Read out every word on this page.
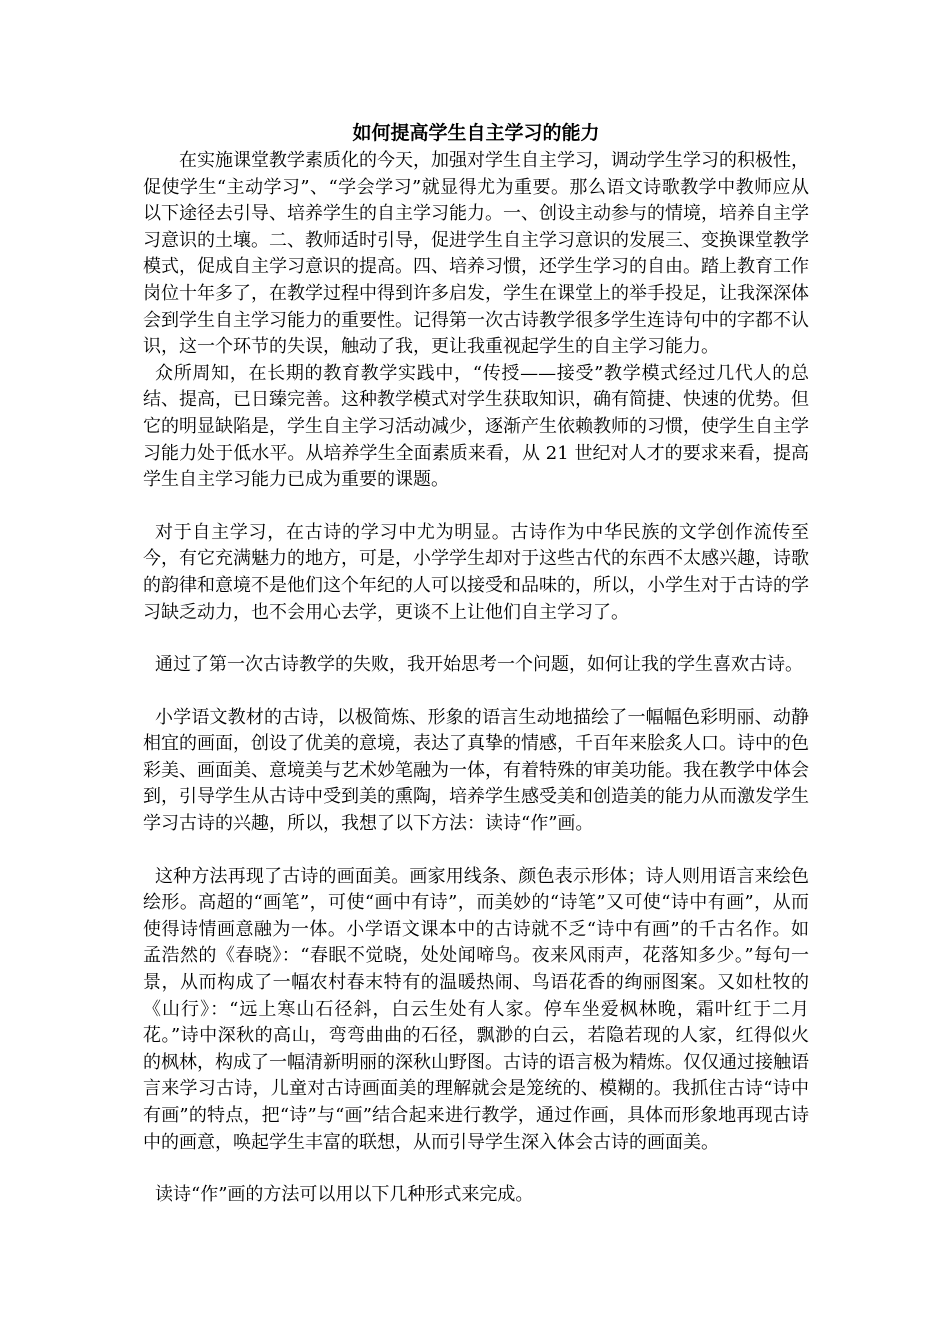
如何提高学生自主学习的能力

在实施课堂教学素质化的今天，加强对学生自主学习，调动学生学习的积极性，促使学生“主动学习”、“学会学习”就显得尤为重要。那么语文诗歌教学中教师应从以下途径去引导、培养学生的自主学习能力。一、创设主动参与的情境，培养自主学习意识的土壤。二、教师适时引导，促进学生自主学习意识的发展三、变换课堂教学模式，促成自主学习意识的提高。四、培养习惯，还学生学习的自由。踏上教育工作岗位十年多了，在教学过程中得到许多启发，学生在课堂上的举手投足，让我深深体会到学生自主学习能力的重要性。记得第一次古诗教学很多学生连诗句中的字都不认识，这一个环节的失误，触动了我，更让我重视起学生的自主学习能力。

众所周知，在长期的教育教学实践中，“传授——接受”教学模式经过几代人的总结、提高，已日臻完善。这种教学模式对学生获取知识，确有简捷、快速的优势。但它的明显缺陷是，学生自主学习活动减少，逐渐产生依赖教师的习惯，使学生自主学习能力处于低水平。从培养学生全面素质来看，从 21 世纪对人才的要求来看，提高学生自主学习能力已成为重要的课题。

对于自主学习，在古诗的学习中尤为明显。古诗作为中华民族的文学创作流传至今，有它充满魅力的地方，可是，小学学生却对于这些古代的东西不太感兴趣，诗歌的韵律和意境不是他们这个年纪的人可以接受和品味的，所以，小学生对于古诗的学习缺乏动力，也不会用心去学，更谈不上让他们自主学习了。

通过了第一次古诗教学的失败，我开始思考一个问题，如何让我的学生喜欢古诗。

小学语文教材的古诗，以极简炼、形象的语言生动地描绘了一幅幅色彩明丽、动静相宜的画面，创设了优美的意境，表达了真挚的情感，千百年来脍炙人口。诗中的色彩美、画面美、意境美与艺术妙笔融为一体，有着特殊的审美功能。我在教学中体会到，引导学生从古诗中受到美的熏陶，培养学生感受美和创造美的能力从而激发学生学习古诗的兴趣，所以，我想了以下方法：读诗“作”画。

这种方法再现了古诗的画面美。画家用线条、颜色表示形体；诗人则用语言来绘色绘形。高超的“画笔”，可使“画中有诗”，而美妙的“诗笔”又可使“诗中有画”，从而使得诗情画意融为一体。小学语文课本中的古诗就不乏“诗中有画”的千古名作。如孟浩然的《春晓》：“春眠不觉晓，处处闻啼鸟。夜来风雨声，花落知多少。”每句一景，从而构成了一幅农村春末特有的温暖热闹、鸟语花香的绚丽图案。又如杜牧的《山行》：“远上寒山石径斜，白云生处有人家。停车坐爱枫林晚，霜叶红于二月花。”诗中深秋的高山，弯弯曲曲的石径，飘渺的白云，若隐若现的人家，红得似火的枫林，构成了一幅清新明丽的深秋山野图。古诗的语言极为精炼。仅仅通过接触语言来学习古诗，儿童对古诗画面美的理解就会是笼统的、模糊的。我抓住古诗“诗中有画”的特点，把“诗”与“画”结合起来进行教学，通过作画，具体而形象地再现古诗中的画意，唤起学生丰富的联想，从而引导学生深入体会古诗的画面美。

读诗“作”画的方法可以用以下几种形式来完成。
